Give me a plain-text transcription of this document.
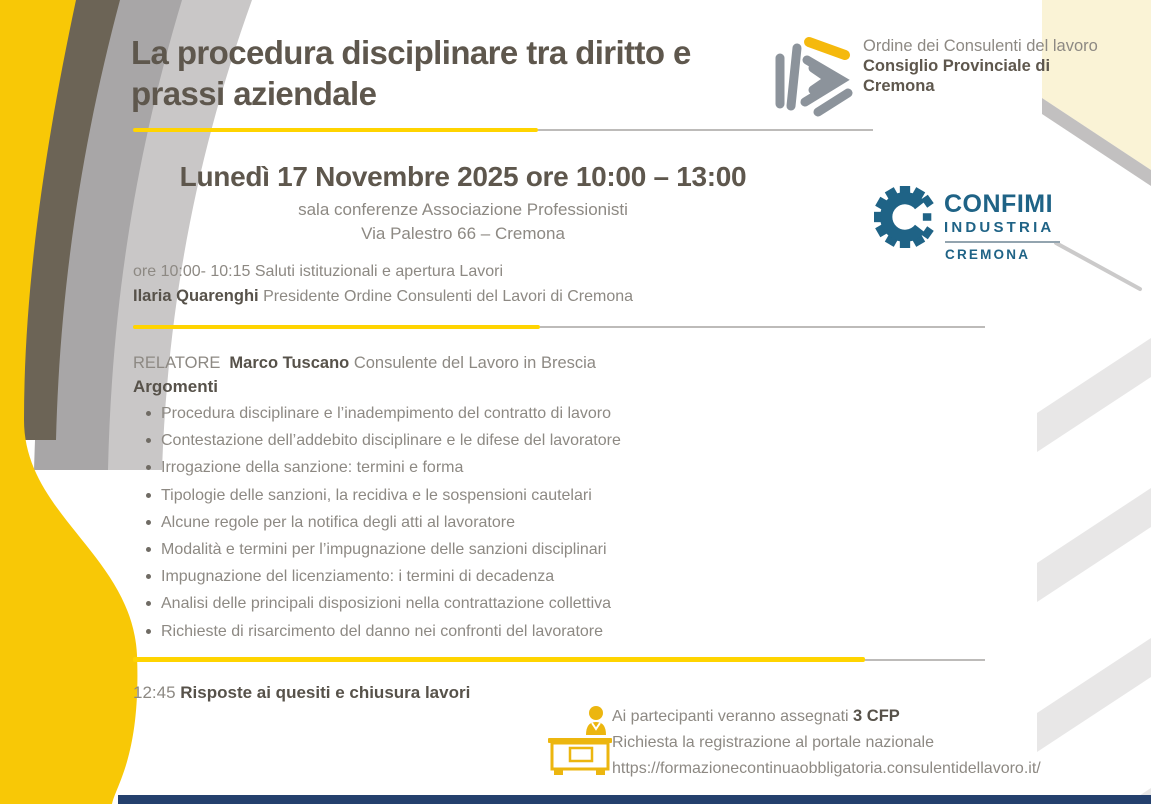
La procedura disciplinare tra diritto e
prassi aziendale
Ordine dei Consulenti del lavoro
Consiglio Provinciale di
Cremona
Lunedì 17 Novembre 2025 ore 10:00 – 13:00
sala conferenze Associazione Professionisti
Via Palestro 66 – Cremona
CONFIMI
INDUSTRIA
CREMONA
ore 10:00- 10:15 Saluti istituzionali e apertura Lavori
Ilaria Quarenghi Presidente Ordine Consulenti del Lavori di Cremona
RELATORE Marco Tuscano Consulente del Lavoro in Brescia
Argomenti
Procedura disciplinare e l’inadempimento del contratto di lavoro
Contestazione dell’addebito disciplinare e le difese del lavoratore
Irrogazione della sanzione: termini e forma
Tipologie delle sanzioni, la recidiva e le sospensioni cautelari
Alcune regole per la notifica degli atti al lavoratore
Modalità e termini per l’impugnazione delle sanzioni disciplinari
Impugnazione del licenziamento: i termini di decadenza
Analisi delle principali disposizioni nella contrattazione collettiva
Richieste di risarcimento del danno nei confronti del lavoratore
12:45 Risposte ai quesiti e chiusura lavori
Ai partecipanti veranno assegnati 3 CFP
Richiesta la registrazione al portale nazionale
https://formazionecontinuaobbligatoria.consulentidellavoro.it/
